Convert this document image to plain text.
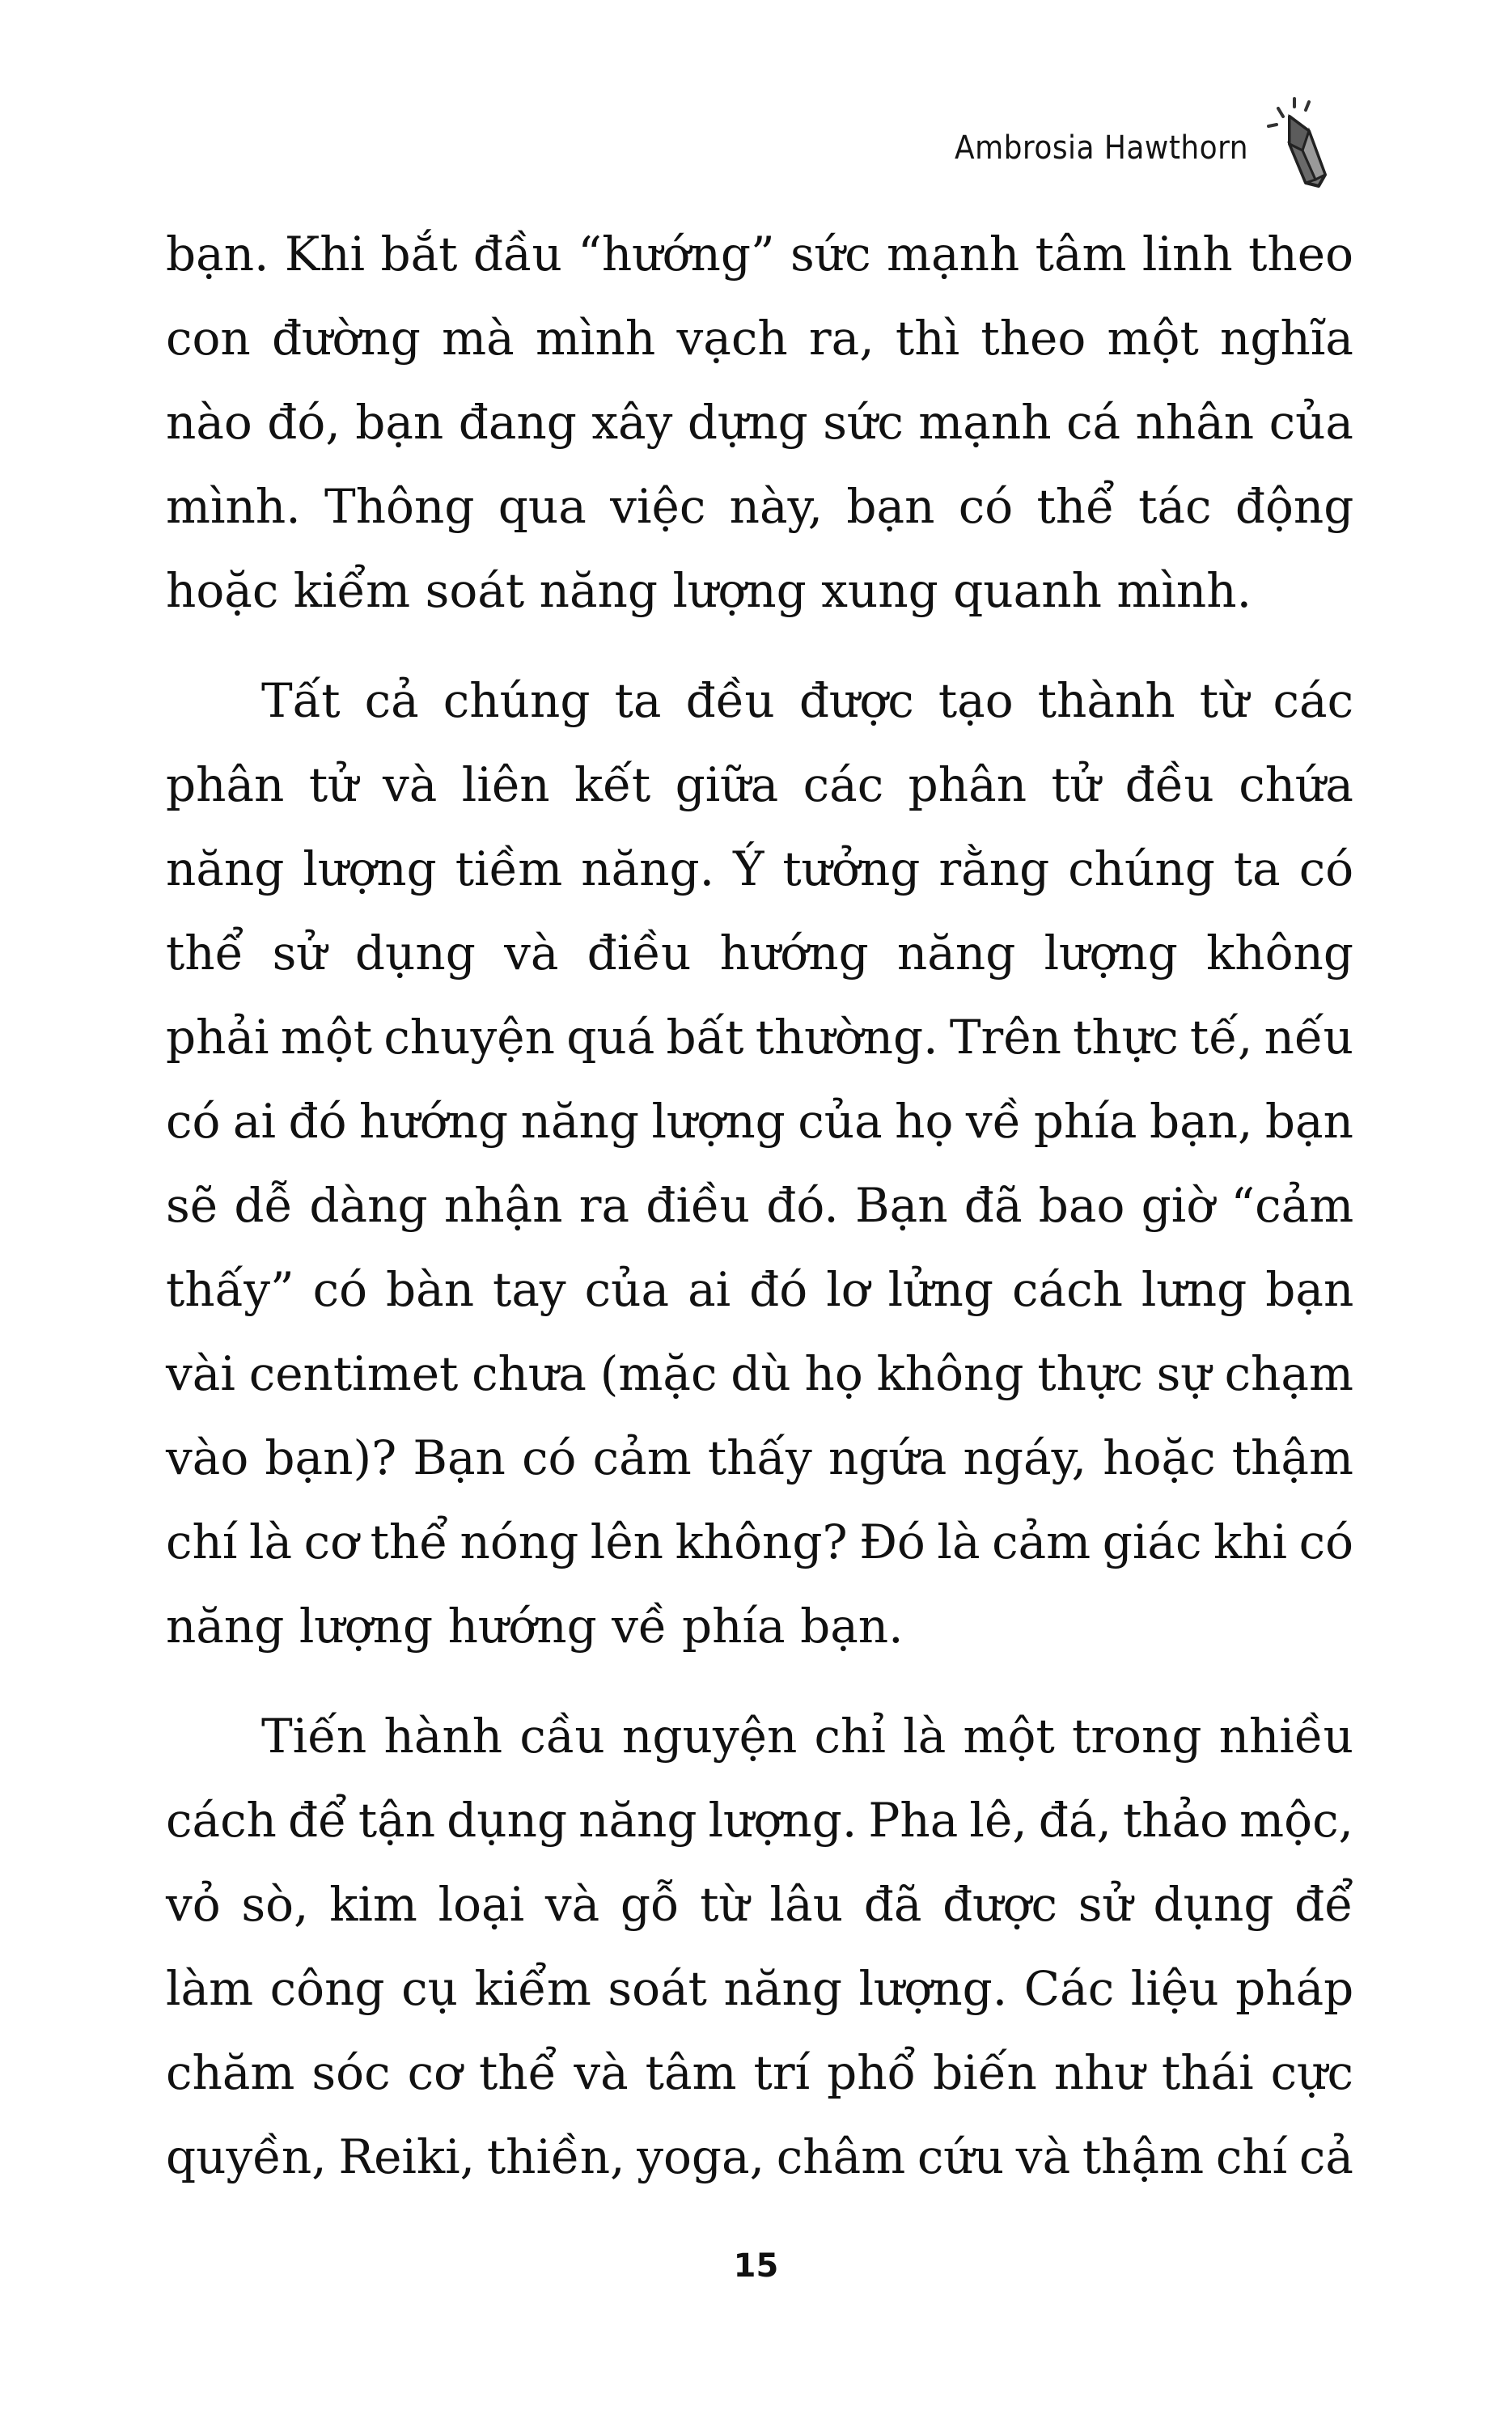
Ambrosia Hawthorn

bạn. Khi bắt đầu “hướng” sức mạnh tâm linh theo
con đường mà mình vạch ra, thì theo một nghĩa
nào đó, bạn đang xây dựng sức mạnh cá nhân của
mình. Thông qua việc này, bạn có thể tác động
hoặc kiểm soát năng lượng xung quanh mình.

Tất cả chúng ta đều được tạo thành từ các
phân tử và liên kết giữa các phân tử đều chứa
năng lượng tiềm năng. Ý tưởng rằng chúng ta có
thể sử dụng và điều hướng năng lượng không
phải một chuyện quá bất thường. Trên thực tế, nếu
có ai đó hướng năng lượng của họ về phía bạn, bạn
sẽ dễ dàng nhận ra điều đó. Bạn đã bao giờ “cảm
thấy” có bàn tay của ai đó lơ lửng cách lưng bạn
vài centimet chưa (mặc dù họ không thực sự chạm
vào bạn)? Bạn có cảm thấy ngứa ngáy, hoặc thậm
chí là cơ thể nóng lên không? Đó là cảm giác khi có
năng lượng hướng về phía bạn.

Tiến hành cầu nguyện chỉ là một trong nhiều
cách để tận dụng năng lượng. Pha lê, đá, thảo mộc,
vỏ sò, kim loại và gỗ từ lâu đã được sử dụng để
làm công cụ kiểm soát năng lượng. Các liệu pháp
chăm sóc cơ thể và tâm trí phổ biến như thái cực
quyền, Reiki, thiền, yoga, châm cứu và thậm chí cả

15
